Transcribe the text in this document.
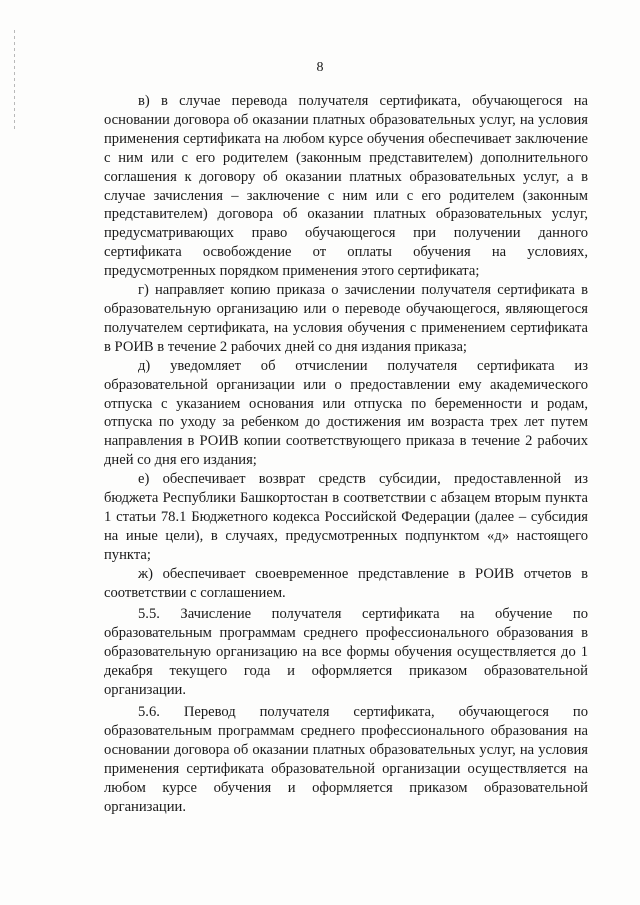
8

в) в случае перевода получателя сертификата, обучающегося на основании договора об оказании платных образовательных услуг, на условия применения сертификата на любом курсе обучения обеспечивает заключение с ним или с его родителем (законным представителем) дополнительного соглашения к договору об оказании платных образовательных услуг, а в случае зачисления – заключение с ним или с его родителем (законным представителем) договора об оказании платных образовательных услуг, предусматривающих право обучающегося при получении данного сертификата освобождение от оплаты обучения на условиях, предусмотренных порядком применения этого сертификата;

г) направляет копию приказа о зачислении получателя сертификата в образовательную организацию или о переводе обучающегося, являющегося получателем сертификата, на условия обучения с применением сертификата в РОИВ в течение 2 рабочих дней со дня издания приказа;

д) уведомляет об отчислении получателя сертификата из образовательной организации или о предоставлении ему академического отпуска с указанием основания или отпуска по беременности и родам, отпуска по уходу за ребенком до достижения им возраста трех лет путем направления в РОИВ копии соответствующего приказа в течение 2 рабочих дней со дня его издания;

е) обеспечивает возврат средств субсидии, предоставленной из бюджета Республики Башкортостан в соответствии с абзацем вторым пункта 1 статьи 78.1 Бюджетного кодекса Российской Федерации (далее – субсидия на иные цели), в случаях, предусмотренных подпунктом «д» настоящего пункта;

ж) обеспечивает своевременное представление в РОИВ отчетов в соответствии с соглашением.

5.5. Зачисление получателя сертификата на обучение по образовательным программам среднего профессионального образования в образовательную организацию на все формы обучения осуществляется до 1 декабря текущего года и оформляется приказом образовательной организации.

5.6. Перевод получателя сертификата, обучающегося по образовательным программам среднего профессионального образования на основании договора об оказании платных образовательных услуг, на условия применения сертификата образовательной организации осуществляется на любом курсе обучения и оформляется приказом образовательной организации.
